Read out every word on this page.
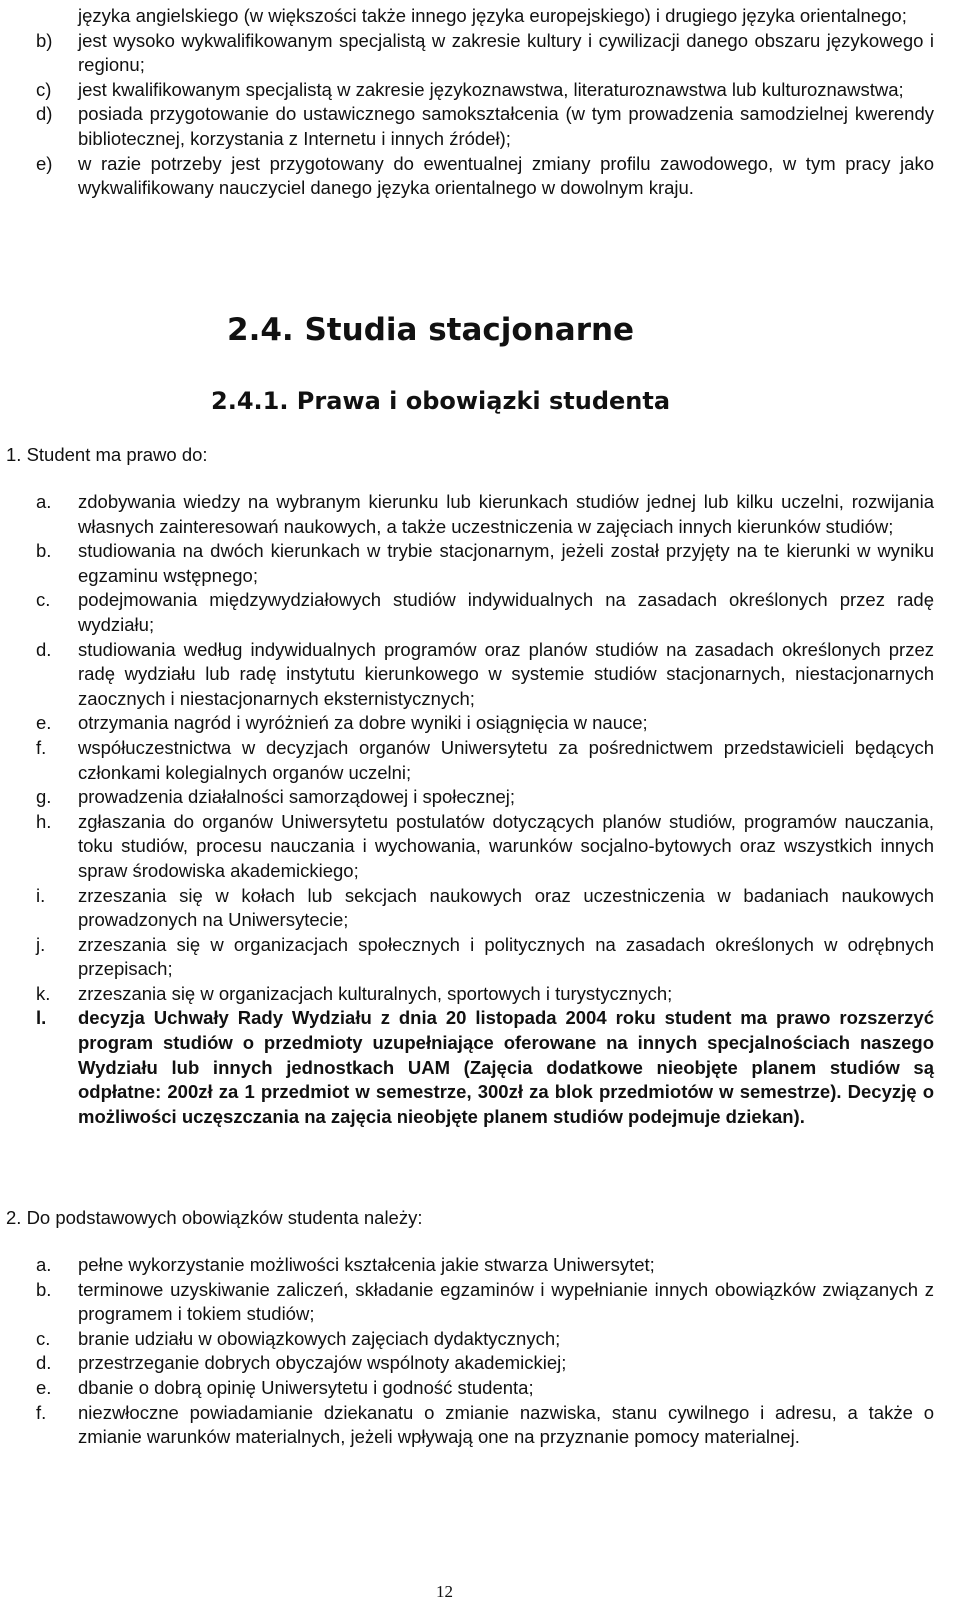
języka angielskiego (w większości także innego języka europejskiego) i drugiego języka orientalnego;
b) jest wysoko wykwalifikowanym specjalistą w zakresie kultury i cywilizacji danego obszaru językowego i regionu;
c) jest kwalifikowanym specjalistą w zakresie językoznawstwa, literaturoznawstwa lub kulturoznawstwa;
d) posiada przygotowanie do ustawicznego samokształcenia (w tym prowadzenia samodzielnej kwerendy bibliotecznej, korzystania z Internetu i innych źródeł);
e) w razie potrzeby jest przygotowany do ewentualnej zmiany profilu zawodowego, w tym pracy jako wykwalifikowany nauczyciel danego języka orientalnego w dowolnym kraju.
2.4. Studia stacjonarne
2.4.1. Prawa i obowiązki studenta
1. Student ma prawo do:
a. zdobywania wiedzy na wybranym kierunku lub kierunkach studiów jednej lub kilku uczelni, rozwijania własnych zainteresowań naukowych, a także uczestniczenia w zajęciach innych kierunków studiów;
b. studiowania na dwóch kierunkach w trybie stacjonarnym, jeżeli został przyjęty na te kierunki w wyniku egzaminu wstępnego;
c. podejmowania międzywydziałowych studiów indywidualnych na zasadach określonych przez radę wydziału;
d. studiowania według indywidualnych programów oraz planów studiów na zasadach określonych przez radę wydziału lub radę instytutu kierunkowego w systemie studiów stacjonarnych, niestacjonarnych zaocznych i niestacjonarnych eksternistycznych;
e. otrzymania nagród i wyróżnień za dobre wyniki i osiągnięcia w nauce;
f. współuczestnictwa w decyzjach organów Uniwersytetu za pośrednictwem przedstawicieli będących członkami kolegialnych organów uczelni;
g. prowadzenia działalności samorządowej i społecznej;
h. zgłaszania do organów Uniwersytetu postulatów dotyczących planów studiów, programów nauczania, toku studiów, procesu nauczania i wychowania, warunków socjalno-bytowych oraz wszystkich innych spraw środowiska akademickiego;
i. zrzeszania się w kołach lub sekcjach naukowych oraz uczestniczenia w badaniach naukowych prowadzonych na Uniwersytecie;
j. zrzeszania się w organizacjach społecznych i politycznych na zasadach określonych w odrębnych przepisach;
k. zrzeszania się w organizacjach kulturalnych, sportowych i turystycznych;
l. decyzja Uchwały Rady Wydziału z dnia 20 listopada 2004 roku student ma prawo rozszerzyć program studiów o przedmioty uzupełniające oferowane na innych specjalnościach naszego Wydziału lub innych jednostkach UAM (Zajęcia dodatkowe nieobjęte planem studiów są odpłatne: 200zł za 1 przedmiot w semestrze, 300zł za blok przedmiotów w semestrze). Decyzję o możliwości uczęszczania na zajęcia nieobjęte planem studiów podejmuje dziekan).
2. Do podstawowych obowiązków studenta należy:
a. pełne wykorzystanie możliwości kształcenia jakie stwarza Uniwersytet;
b. terminowe uzyskiwanie zaliczeń, składanie egzaminów i wypełnianie innych obowiązków związanych z programem i tokiem studiów;
c. branie udziału w obowiązkowych zajęciach dydaktycznych;
d. przestrzeganie dobrych obyczajów wspólnoty akademickiej;
e. dbanie o dobrą opinię Uniwersytetu i godność studenta;
f. niezwłoczne powiadamianie dziekanatu o zmianie nazwiska, stanu cywilnego i adresu, a także o zmianie warunków materialnych, jeżeli wpływają one na przyznanie pomocy materialnej.
12
